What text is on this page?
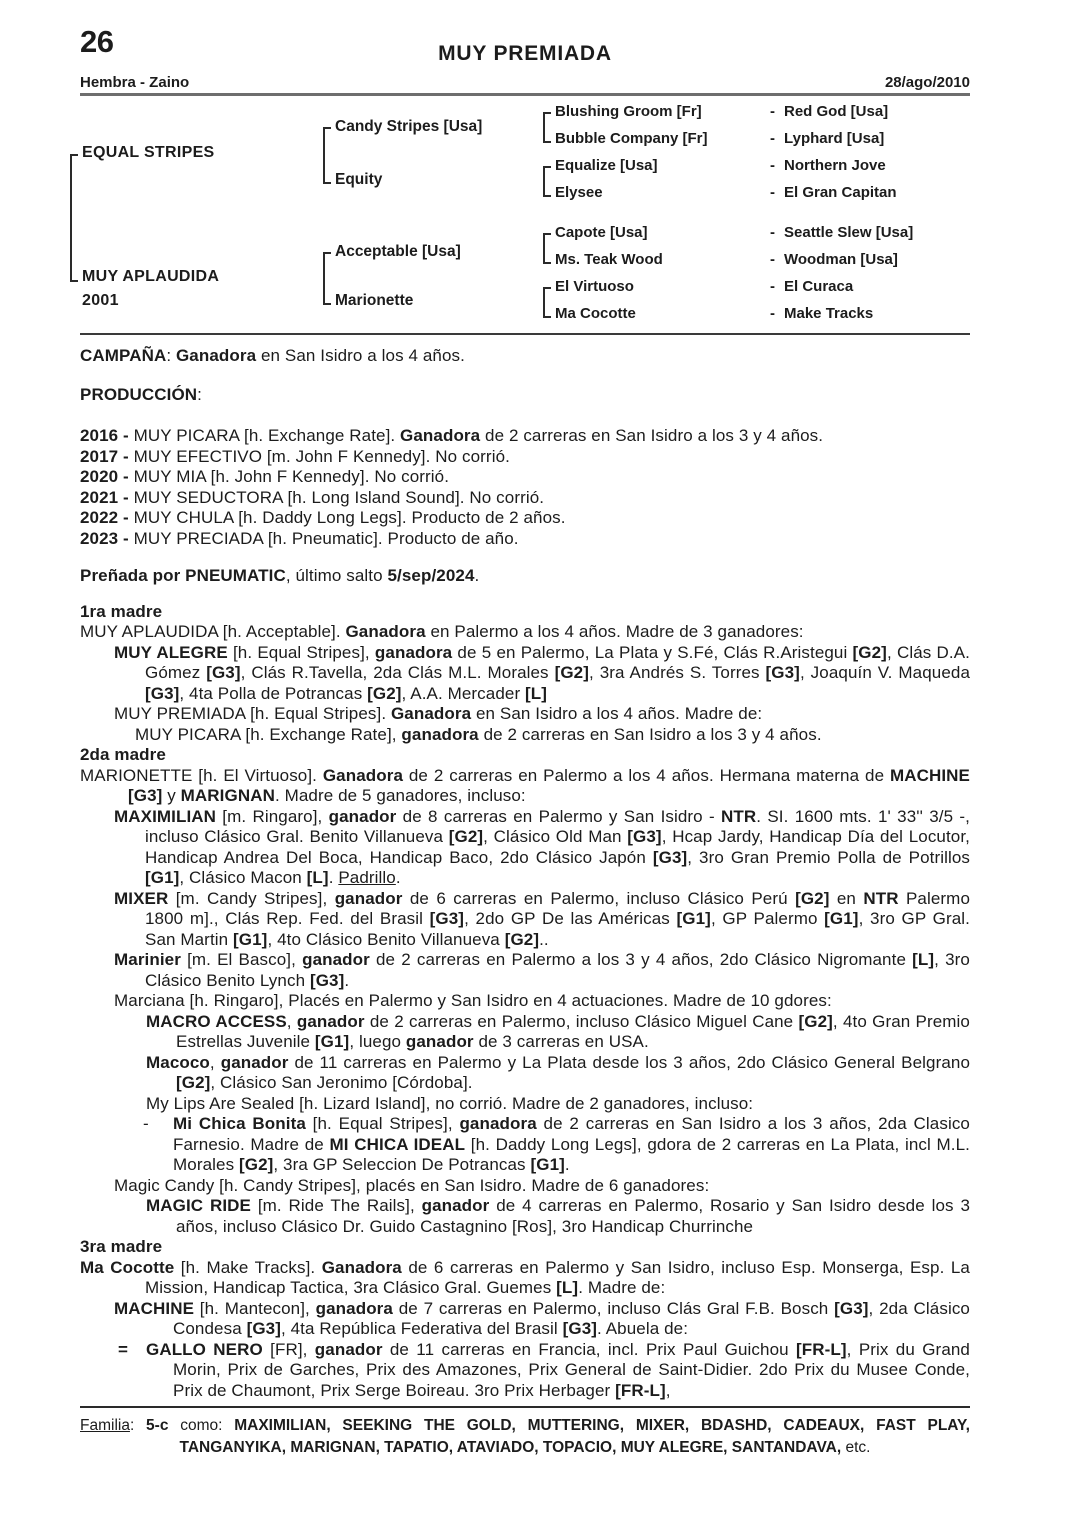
26	MUY PREMIADA
Hembra - Zaino	28/ago/2010
EQUAL STRIPES
MUY APLAUDIDA
2001
Candy Stripes [Usa]
Equity
Acceptable [Usa]
Marionette
Blushing Groom [Fr]
Bubble Company [Fr]
Equalize [Usa]
Elysee
Capote [Usa]
Ms. Teak Wood
El Virtuoso
Ma Cocotte
- Red God [Usa]
- Lyphard [Usa]
- Northern Jove
- El Gran Capitan
- Seattle Slew [Usa]
- Woodman [Usa]
- El Curaca
- Make Tracks

CAMPAÑA: Ganadora en San Isidro a los 4 años.

PRODUCCIÓN:

2016 - MUY PICARA [h. Exchange Rate]. Ganadora de 2 carreras en San Isidro a los 3 y 4 años.
2017 - MUY EFECTIVO [m. John F Kennedy]. No corrió.
2020 - MUY MIA [h. John F Kennedy]. No corrió.
2021 - MUY SEDUCTORA [h. Long Island Sound]. No corrió.
2022 - MUY CHULA [h. Daddy Long Legs]. Producto de 2 años.
2023 - MUY PRECIADA [h. Pneumatic]. Producto de año.

Preñada por PNEUMATIC, último salto 5/sep/2024.

1ra madre

MUY APLAUDIDA [h. Acceptable]. Ganadora en Palermo a los 4 años. Madre de 3 ganadores:

MUY ALEGRE [h. Equal Stripes], ganadora de 5 en Palermo, La Plata y S.Fé, Clás R.Aristegui [G2], Clás D.A. Gómez [G3], Clás R.Tavella, 2da Clás M.L. Morales [G2], 3ra Andrés S. Torres [G3], Joaquín V. Maqueda [G3], 4ta Polla de Potrancas [G2], A.A. Mercader [L]

MUY PREMIADA [h. Equal Stripes]. Ganadora en San Isidro a los 4 años. Madre de:

MUY PICARA [h. Exchange Rate], ganadora de 2 carreras en San Isidro a los 3 y 4 años.

2da madre

MARIONETTE [h. El Virtuoso]. Ganadora de 2 carreras en Palermo a los 4 años. Hermana materna de MACHINE [G3] y MARIGNAN. Madre de 5 ganadores, incluso:

MAXIMILIAN [m. Ringaro], ganador de 8 carreras en Palermo y San Isidro - NTR. SI. 1600 mts. 1' 33'' 3/5 -, incluso Clásico Gral. Benito Villanueva [G2], Clásico Old Man [G3], Hcap Jardy, Handicap Día del Locutor, Handicap Andrea Del Boca, Handicap Baco, 2do Clásico Japón [G3], 3ro Gran Premio Polla de Potrillos [G1], Clásico Macon [L]. Padrillo.

MIXER [m. Candy Stripes], ganador de 6 carreras en Palermo, incluso Clásico Perú [G2] en NTR Palermo 1800 m]., Clás Rep. Fed. del Brasil [G3], 2do GP De las Américas [G1], GP Palermo [G1], 3ro GP Gral. San Martin [G1], 4to Clásico Benito Villanueva [G2]..

Marinier [m. El Basco], ganador de 2 carreras en Palermo a los 3 y 4 años, 2do Clásico Nigromante [L], 3ro Clásico Benito Lynch [G3].

Marciana [h. Ringaro], Placés en Palermo y San Isidro en 4 actuaciones. Madre de 10 gdores:

MACRO ACCESS, ganador de 2 carreras en Palermo, incluso Clásico Miguel Cane [G2], 4to Gran Premio Estrellas Juvenile [G1], luego ganador de 3 carreras en USA.

Macoco, ganador de 11 carreras en Palermo y La Plata desde los 3 años, 2do Clásico General Belgrano [G2], Clásico San Jeronimo [Córdoba].

My Lips Are Sealed [h. Lizard Island], no corrió. Madre de 2 ganadores, incluso:

- Mi Chica Bonita [h. Equal Stripes], ganadora de 2 carreras en San Isidro a los 3 años, 2da Clasico Farnesio. Madre de MI CHICA IDEAL [h. Daddy Long Legs], gdora de 2 carreras en La Plata, incl M.L. Morales [G2], 3ra GP Seleccion De Potrancas [G1].

Magic Candy [h. Candy Stripes], placés en San Isidro. Madre de 6 ganadores:

MAGIC RIDE [m. Ride The Rails], ganador de 4 carreras en Palermo, Rosario y San Isidro desde los 3 años, incluso Clásico Dr. Guido Castagnino [Ros], 3ro Handicap Churrinche

3ra madre

Ma Cocotte [h. Make Tracks]. Ganadora de 6 carreras en Palermo y San Isidro, incluso Esp. Monserga, Esp. La Mission, Handicap Tactica, 3ra Clásico Gral. Guemes [L]. Madre de:

MACHINE [h. Mantecon], ganadora de 7 carreras en Palermo, incluso Clás Gral F.B. Bosch [G3], 2da Clásico Condesa [G3], 4ta República Federativa del Brasil [G3]. Abuela de:

= GALLO NERO [FR], ganador de 11 carreras en Francia, incl. Prix Paul Guichou [FR-L], Prix du Grand Morin, Prix de Garches, Prix des Amazones, Prix General de Saint-Didier. 2do Prix du Musee Conde, Prix de Chaumont, Prix Serge Boireau. 3ro Prix Herbager [FR-L],

Familia: 5-c como: MAXIMILIAN, SEEKING THE GOLD, MUTTERING, MIXER, BDASHD, CADEAUX, FAST PLAY, TANGANYIKA, MARIGNAN, TAPATIO, ATAVIADO, TOPACIO, MUY ALEGRE, SANTANDAVA, etc.
